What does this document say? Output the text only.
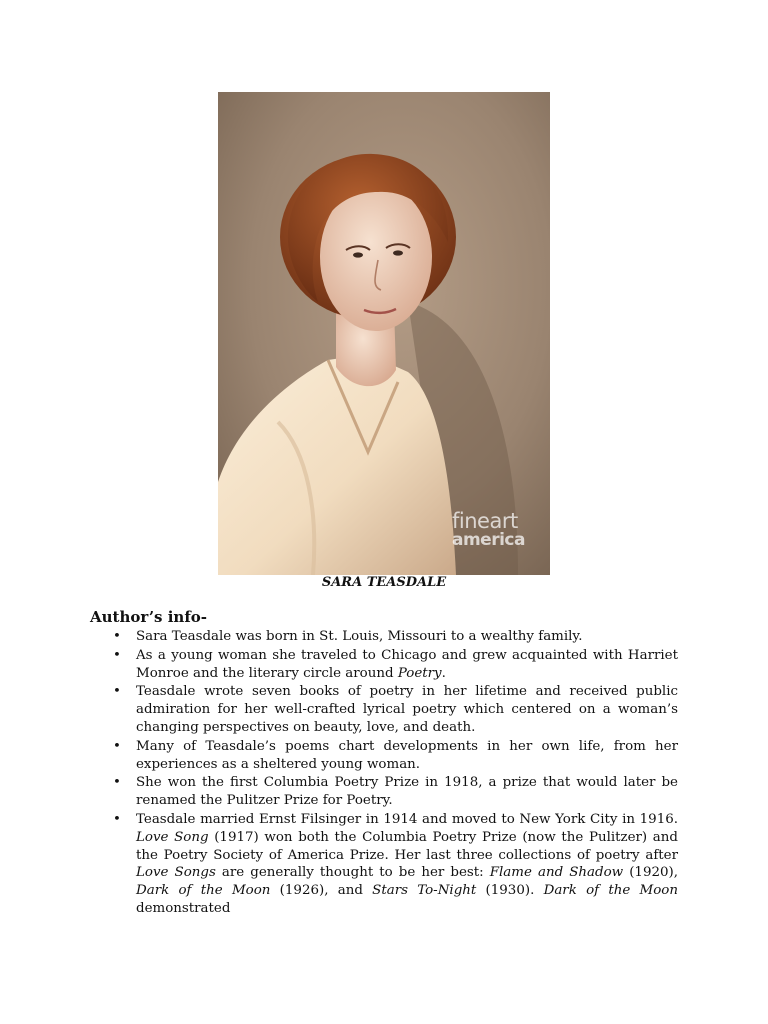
fineart
america
SARA TEASDALE
Author’s info-
• Sara Teasdale was born in St. Louis, Missouri to a wealthy family.
• As a young woman she traveled to Chicago and grew acquainted with Harriet Monroe and the literary circle around Poetry.
• Teasdale wrote seven books of poetry in her lifetime and received public admiration for her well-crafted lyrical poetry which centered on a woman’s changing perspectives on beauty, love, and death.
• Many of Teasdale’s poems chart developments in her own life, from her experiences as a sheltered young woman.
• She won the first Columbia Poetry Prize in 1918, a prize that would later be renamed the Pulitzer Prize for Poetry.
• Teasdale married Ernst Filsinger in 1914 and moved to New York City in 1916. Love Song (1917) won both the Columbia Poetry Prize (now the Pulitzer) and the Poetry Society of America Prize. Her last three collections of poetry after Love Songs are generally thought to be her best: Flame and Shadow (1920), Dark of the Moon (1926), and Stars To-Night (1930). Dark of the Moon demonstrated
